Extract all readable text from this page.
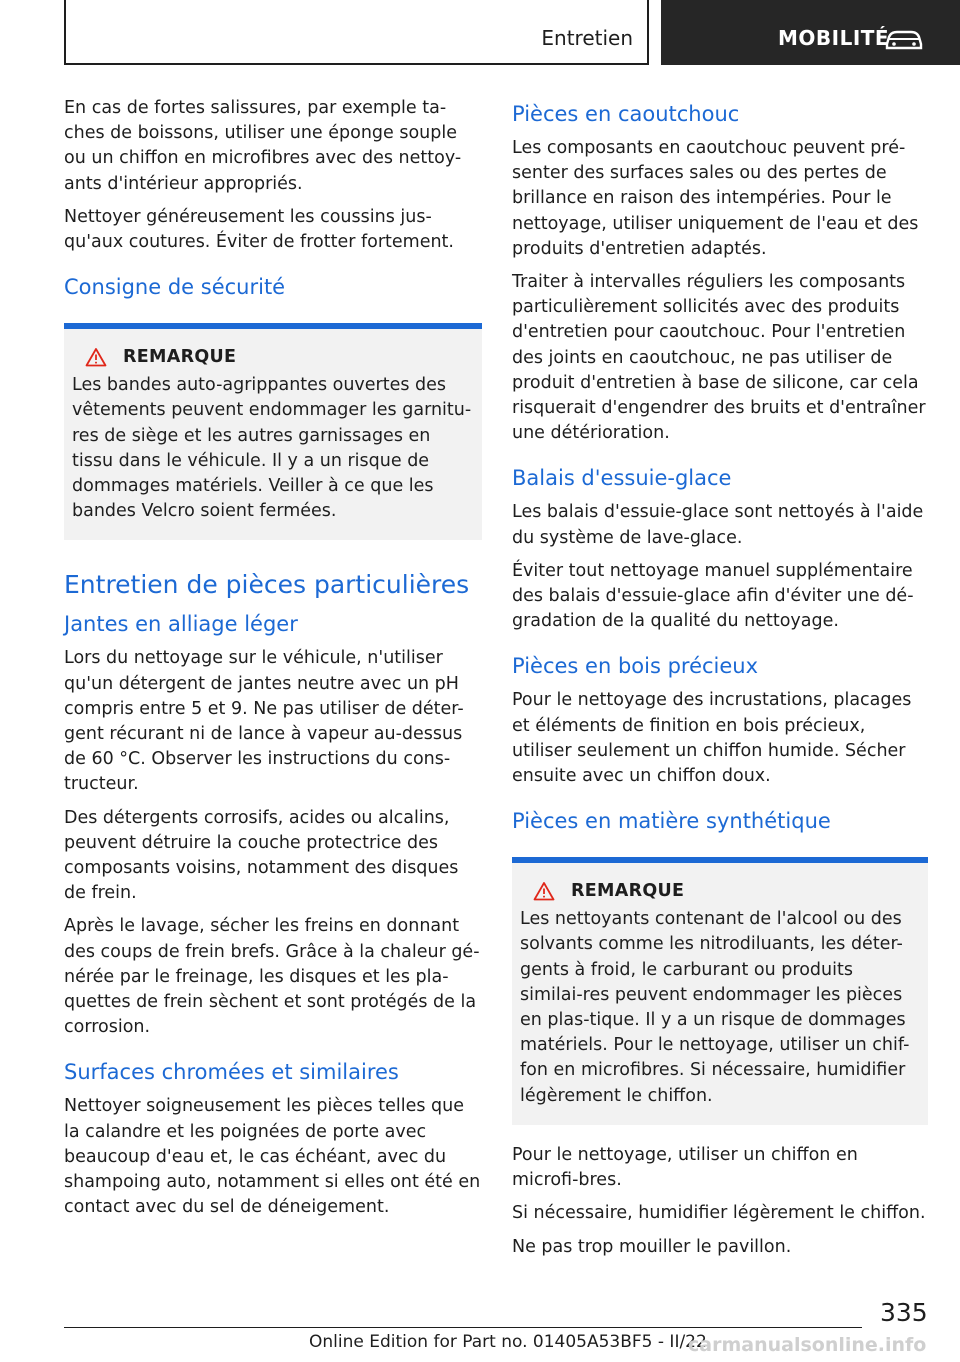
Entretien	MOBILITÉ

En cas de fortes salissures, par exemple ta-ches de boissons, utiliser une éponge souple ou un chiffon en microfibres avec des nettoy-ants d'intérieur appropriés.

Nettoyer généreusement les coussins jus-qu'aux coutures. Éviter de frotter fortement.

Consigne de sécurité
REMARQUE

Les bandes auto-agrippantes ouvertes des vêtements peuvent endommager les garnitu-res de siège et les autres garnissages en tissu dans le véhicule. Il y a un risque de dommages matériels. Veiller à ce que les bandes Velcro soient fermées.

Entretien de pièces particulières
Jantes en alliage léger

Lors du nettoyage sur le véhicule, n'utiliser qu'un détergent de jantes neutre avec un pH compris entre 5 et 9. Ne pas utiliser de déter-gent récurant ni de lance à vapeur au-dessus de 60 °C. Observer les instructions du cons-tructeur.

Des détergents corrosifs, acides ou alcalins, peuvent détruire la couche protectrice des composants voisins, notamment des disques de frein.

Après le lavage, sécher les freins en donnant des coups de frein brefs. Grâce à la chaleur gé-nérée par le freinage, les disques et les pla-quettes de frein sèchent et sont protégés de la corrosion.

Surfaces chromées et similaires

Nettoyer soigneusement les pièces telles que la calandre et les poignées de porte avec beaucoup d'eau et, le cas échéant, avec du shampoing auto, notamment si elles ont été en contact avec du sel de déneigement.

Pièces en caoutchouc

Les composants en caoutchouc peuvent pré-senter des surfaces sales ou des pertes de brillance en raison des intempéries. Pour le nettoyage, utiliser uniquement de l'eau et des produits d'entretien adaptés.

Traiter à intervalles réguliers les composants particulièrement sollicités avec des produits d'entretien pour caoutchouc. Pour l'entretien des joints en caoutchouc, ne pas utiliser de produit d'entretien à base de silicone, car cela risquerait d'engendrer des bruits et d'entraîner une détérioration.

Balais d'essuie-glace

Les balais d'essuie-glace sont nettoyés à l'aide du système de lave-glace.

Éviter tout nettoyage manuel supplémentaire des balais d'essuie-glace afin d'éviter une dé-gradation de la qualité du nettoyage.

Pièces en bois précieux

Pour le nettoyage des incrustations, placages et éléments de finition en bois précieux, utiliser seulement un chiffon humide. Sécher ensuite avec un chiffon doux.

Pièces en matière synthétique
REMARQUE

Les nettoyants contenant de l'alcool ou des solvants comme les nitrodiluants, les déter-gents à froid, le carburant ou produits similai-res peuvent endommager les pièces en plas-tique. Il y a un risque de dommages matériels. Pour le nettoyage, utiliser un chif-fon en microfibres. Si nécessaire, humidifier légèrement le chiffon.

Pour le nettoyage, utiliser un chiffon en microfi-bres.

Si nécessaire, humidifier légèrement le chiffon.

Ne pas trop mouiller le pavillon.

335
Online Edition for Part no. 01405A53BF5 - II/22
carmanualsonline.info
